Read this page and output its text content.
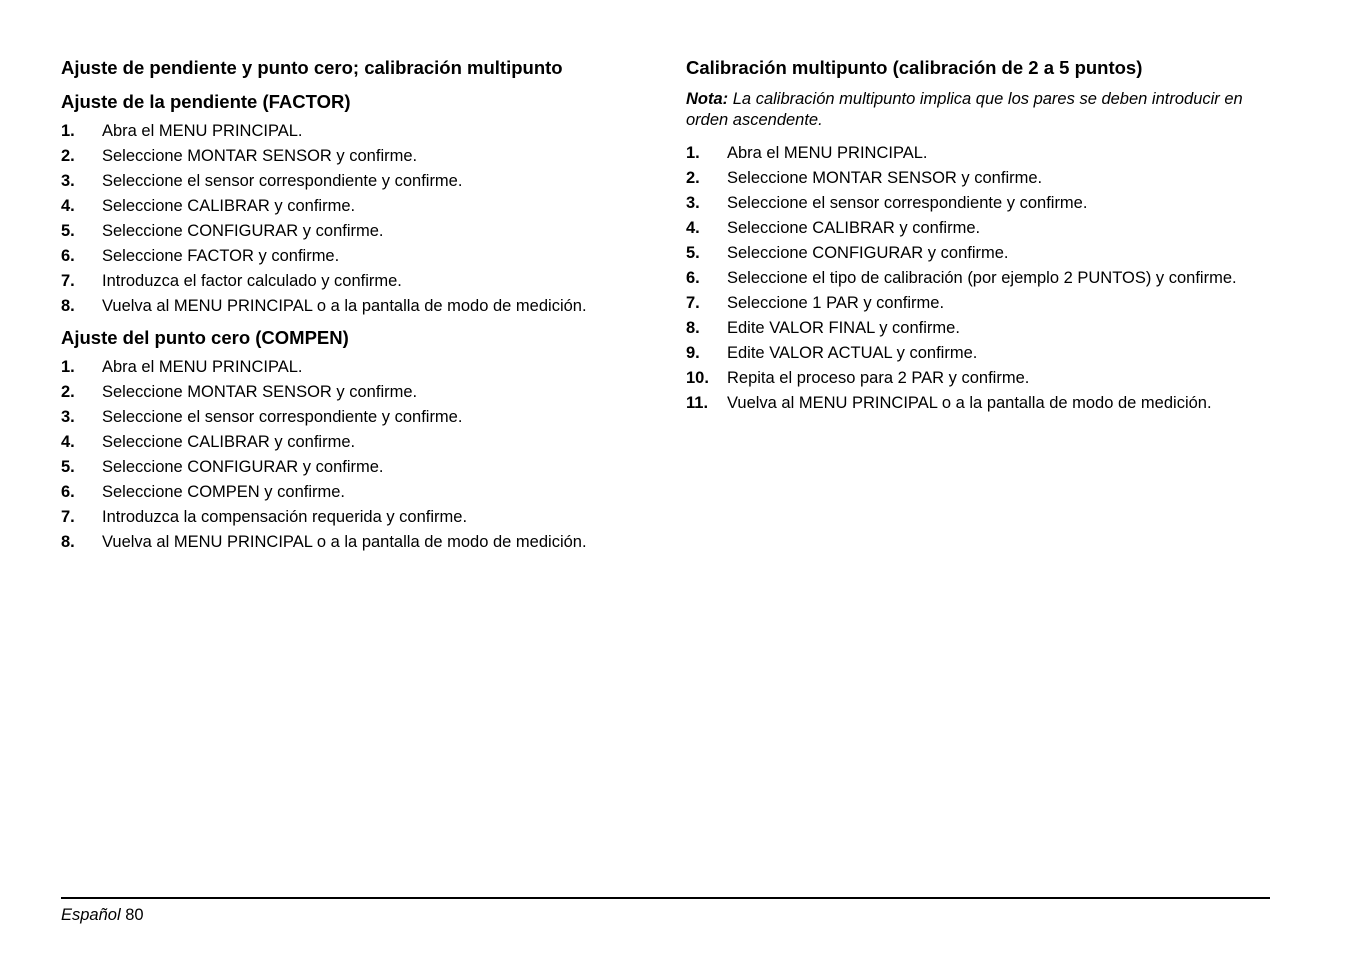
Ajuste de pendiente y punto cero; calibración multipunto
Ajuste de la pendiente (FACTOR)
1.	Abra el MENU PRINCIPAL.
2.	Seleccione MONTAR SENSOR y confirme.
3.	Seleccione el sensor correspondiente y confirme.
4.	Seleccione CALIBRAR y confirme.
5.	Seleccione CONFIGURAR y confirme.
6.	Seleccione FACTOR y confirme.
7.	Introduzca el factor calculado y confirme.
8.	Vuelva al MENU PRINCIPAL o a la pantalla de modo de medición.
Ajuste del punto cero (COMPEN)
1.	Abra el MENU PRINCIPAL.
2.	Seleccione MONTAR SENSOR y confirme.
3.	Seleccione el sensor correspondiente y confirme.
4.	Seleccione CALIBRAR y confirme.
5.	Seleccione CONFIGURAR y confirme.
6.	Seleccione COMPEN y confirme.
7.	Introduzca la compensación requerida y confirme.
8.	Vuelva al MENU PRINCIPAL o a la pantalla de modo de medición.
Calibración multipunto (calibración de 2 a 5 puntos)

Nota: La calibración multipunto implica que los pares se deben introducir en orden ascendente.

1.	Abra el MENU PRINCIPAL.
2.	Seleccione MONTAR SENSOR y confirme.
3.	Seleccione el sensor correspondiente y confirme.
4.	Seleccione CALIBRAR y confirme.
5.	Seleccione CONFIGURAR y confirme.
6.	Seleccione el tipo de calibración (por ejemplo 2 PUNTOS) y confirme.
7.	Seleccione 1 PAR y confirme.
8.	Edite VALOR FINAL y confirme.
9.	Edite VALOR ACTUAL y confirme.
10.	Repita el proceso para 2 PAR y confirme.
11.	Vuelva al MENU PRINCIPAL o a la pantalla de modo de medición.
Español 80
